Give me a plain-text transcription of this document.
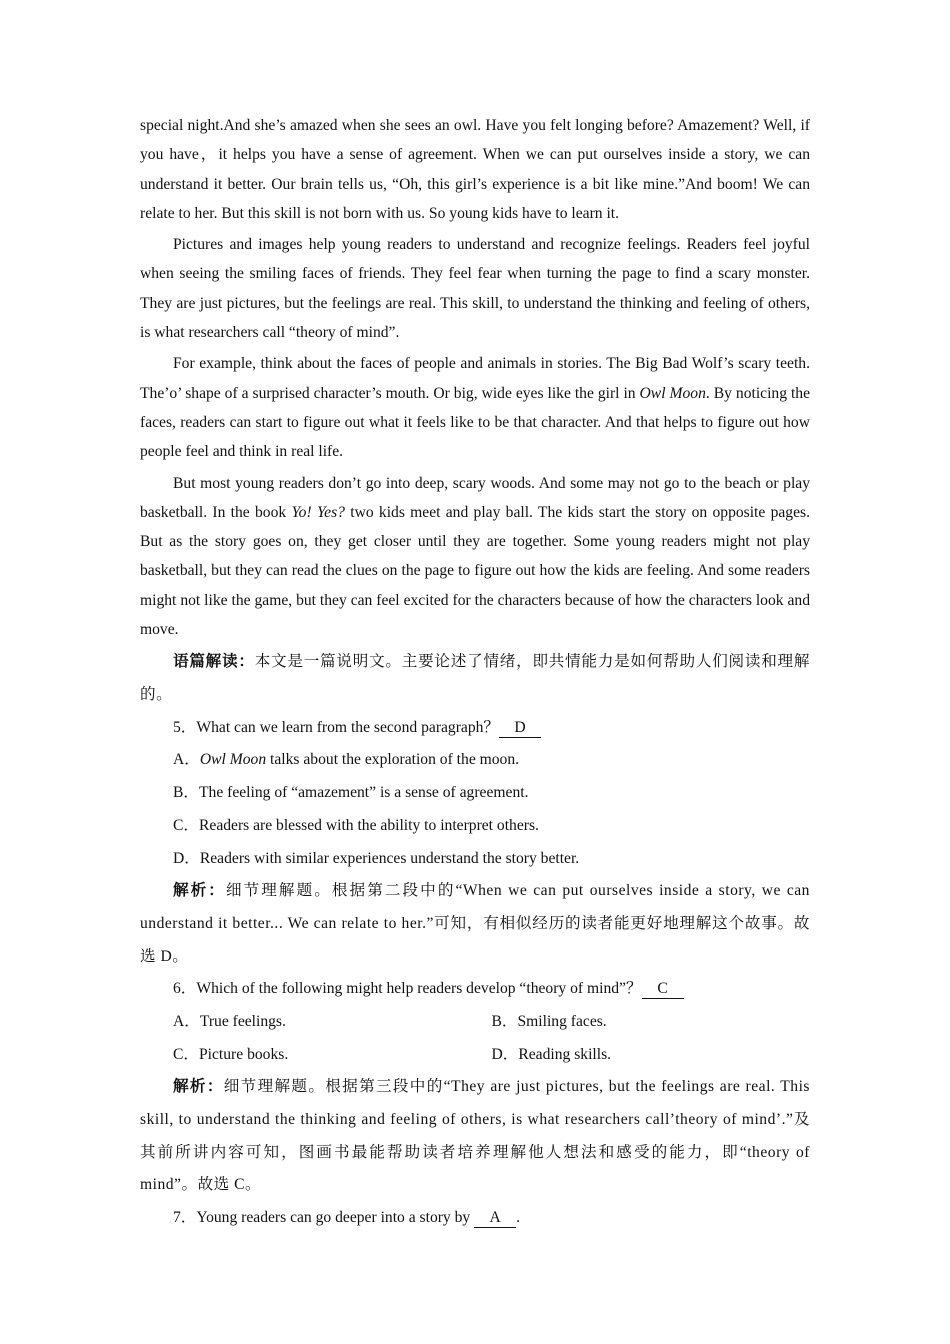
special night.And she’s amazed when she sees an owl. Have you felt longing before? Amazement? Well, if you have，it helps you have a sense of agreement. When we can put ourselves inside a story, we can understand it better. Our brain tells us, “Oh, this girl’s experience is a bit like mine.”And boom! We can relate to her. But this skill is not born with us. So young kids have to learn it.

Pictures and images help young readers to understand and recognize feelings. Readers feel joyful when seeing the smiling faces of friends. They feel fear when turning the page to find a scary monster. They are just pictures, but the feelings are real. This skill, to understand the thinking and feeling of others, is what researchers call “theory of mind”.

For example, think about the faces of people and animals in stories. The Big Bad Wolf’s scary teeth. The’o’ shape of a surprised character’s mouth. Or big, wide eyes like the girl in Owl Moon. By noticing the faces, readers can start to figure out what it feels like to be that character. And that helps to figure out how people feel and think in real life.

But most young readers don’t go into deep, scary woods. And some may not go to the beach or play basketball. In the book Yo! Yes? two kids meet and play ball. The kids start the story on opposite pages. But as the story goes on, they get closer until they are together. Some young readers might not play basketball, but they can read the clues on the page to figure out how the kids are feeling. And some readers might not like the game, but they can feel excited for the characters because of how the characters look and move.

语篇解读：本文是一篇说明文。主要论述了情绪，即共情能力是如何帮助人们阅读和理解的。

5．What can we learn from the second paragraph？ D
A．Owl Moon talks about the exploration of the moon.
B．The feeling of “amazement” is a sense of agreement.
C．Readers are blessed with the ability to interpret others.
D．Readers with similar experiences understand the story better.

解析：细节理解题。根据第二段中的“When we can put ourselves inside a story, we can understand it better... We can relate to her.”可知，有相似经历的读者能更好地理解这个故事。故选 D。

6．Which of the following might help readers develop “theory of mind”？ C
A．True feelings.	B．Smiling faces.
C．Picture books.	D．Reading skills.

解析：细节理解题。根据第三段中的“They are just pictures, but the feelings are real. This skill, to understand the thinking and feeling of others, is what researchers call’theory of mind’.”及其前所讲内容可知，图画书最能帮助读者培养理解他人想法和感受的能力，即“theory of mind”。故选 C。

7．Young readers can go deeper into a story by A .
